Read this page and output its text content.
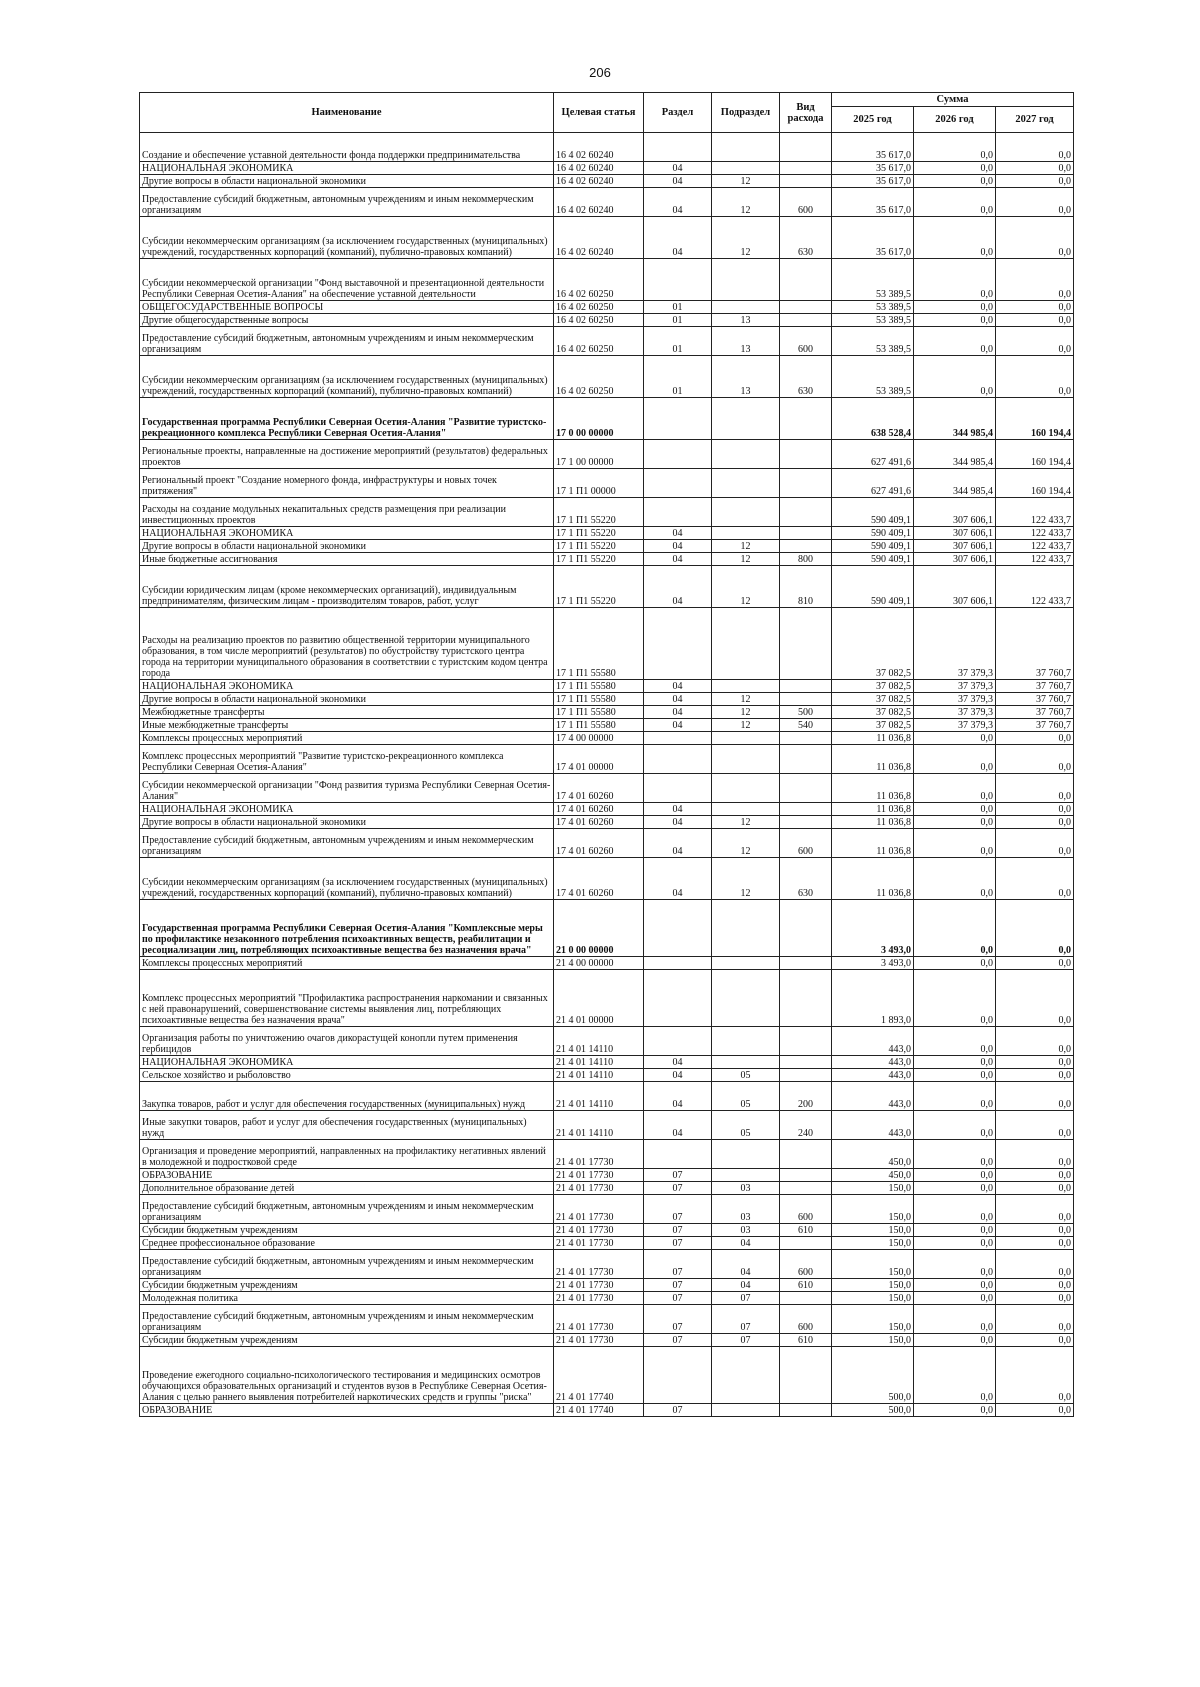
206
Наименование	Целевая статья	Раздел	Подраздел	Вид расхода	Сумма		
					2025 год	2026 год	2027 год
Создание и обеспечение уставной деятельности фонда поддержки предпринимательства	16 4 02 60240				35 617,0	0,0	0,0
НАЦИОНАЛЬНАЯ ЭКОНОМИКА	16 4 02 60240	04			35 617,0	0,0	0,0
Другие вопросы в области национальной экономики	16 4 02 60240	04	12		35 617,0	0,0	0,0
Предоставление субсидий бюджетным, автономным учреждениям и иным некоммерческим организациям	16 4 02 60240	04	12	600	35 617,0	0,0	0,0
Субсидии некоммерческим организациям (за исключением государственных (муниципальных) учреждений, государственных корпораций (компаний), публично-правовых компаний)	16 4 02 60240	04	12	630	35 617,0	0,0	0,0
Субсидии некоммерческой организации "Фонд выставочной и презентационной деятельности Республики Северная Осетия-Алания" на обеспечение уставной деятельности	16 4 02 60250				53 389,5	0,0	0,0
ОБЩЕГОСУДАРСТВЕННЫЕ ВОПРОСЫ	16 4 02 60250	01			53 389,5	0,0	0,0
Другие общегосударственные вопросы	16 4 02 60250	01	13		53 389,5	0,0	0,0
Предоставление субсидий бюджетным, автономным учреждениям и иным некоммерческим организациям	16 4 02 60250	01	13	600	53 389,5	0,0	0,0
Субсидии некоммерческим организациям (за исключением государственных (муниципальных) учреждений, государственных корпораций (компаний), публично-правовых компаний)	16 4 02 60250	01	13	630	53 389,5	0,0	0,0
Государственная программа Республики Северная Осетия-Алания "Развитие туристско-рекреационного комплекса Республики Северная Осетия-Алания"	17 0 00 00000				638 528,4	344 985,4	160 194,4
Региональные проекты, направленные на достижение мероприятий (результатов) федеральных проектов	17 1 00 00000				627 491,6	344 985,4	160 194,4
Региональный проект "Создание номерного фонда, инфраструктуры и новых точек притяжения"	17 1 П1 00000				627 491,6	344 985,4	160 194,4
Расходы на создание модульных некапитальных средств размещения при реализации инвестиционных проектов	17 1 П1 55220				590 409,1	307 606,1	122 433,7
НАЦИОНАЛЬНАЯ ЭКОНОМИКА	17 1 П1 55220	04			590 409,1	307 606,1	122 433,7
Другие вопросы в области национальной экономики	17 1 П1 55220	04	12		590 409,1	307 606,1	122 433,7
Иные бюджетные ассигнования	17 1 П1 55220	04	12	800	590 409,1	307 606,1	122 433,7
Субсидии юридическим лицам (кроме некоммерческих организаций), индивидуальным предпринимателям, физическим лицам - производителям товаров, работ, услуг	17 1 П1 55220	04	12	810	590 409,1	307 606,1	122 433,7
Расходы на реализацию проектов по развитию общественной территории муниципального образования, в том числе мероприятий (результатов) по обустройству туристского центра города на территории муниципального образования в соответствии с туристским кодом центра города	17 1 П1 55580				37 082,5	37 379,3	37 760,7
НАЦИОНАЛЬНАЯ ЭКОНОМИКА	17 1 П1 55580	04			37 082,5	37 379,3	37 760,7
Другие вопросы в области национальной экономики	17 1 П1 55580	04	12		37 082,5	37 379,3	37 760,7
Межбюджетные трансферты	17 1 П1 55580	04	12	500	37 082,5	37 379,3	37 760,7
Иные межбюджетные трансферты	17 1 П1 55580	04	12	540	37 082,5	37 379,3	37 760,7
Комплексы процессных мероприятий	17 4 00 00000				11 036,8	0,0	0,0
Комплекс процессных мероприятий "Развитие туристско-рекреационного комплекса Республики Северная Осетия-Алания"	17 4 01 00000				11 036,8	0,0	0,0
Субсидии некоммерческой организации "Фонд развития туризма Республики Северная Осетия-Алания"	17 4 01 60260				11 036,8	0,0	0,0
НАЦИОНАЛЬНАЯ ЭКОНОМИКА	17 4 01 60260	04			11 036,8	0,0	0,0
Другие вопросы в области национальной экономики	17 4 01 60260	04	12		11 036,8	0,0	0,0
Предоставление субсидий бюджетным, автономным учреждениям и иным некоммерческим организациям	17 4 01 60260	04	12	600	11 036,8	0,0	0,0
Субсидии некоммерческим организациям (за исключением государственных (муниципальных) учреждений, государственных корпораций (компаний), публично-правовых компаний)	17 4 01 60260	04	12	630	11 036,8	0,0	0,0
Государственная программа Республики Северная Осетия-Алания "Комплексные меры по профилактике незаконного потребления психоактивных веществ, реабилитации и ресоциализации лиц, потребляющих психоактивные вещества без назначения врача"	21 0 00 00000				3 493,0	0,0	0,0
Комплексы процессных мероприятий	21 4 00 00000				3 493,0	0,0	0,0
Комплекс процессных мероприятий "Профилактика распространения наркомании и связанных с ней правонарушений, совершенствование системы выявления лиц, потребляющих психоактивные вещества без назначения врача"	21 4 01 00000				1 893,0	0,0	0,0
Организация работы по уничтожению очагов дикорастущей конопли путем применения гербицидов	21 4 01 14110				443,0	0,0	0,0
НАЦИОНАЛЬНАЯ ЭКОНОМИКА	21 4 01 14110	04			443,0	0,0	0,0
Сельское хозяйство и рыболовство	21 4 01 14110	04	05		443,0	0,0	0,0
Закупка товаров, работ и услуг для обеспечения государственных (муниципальных) нужд	21 4 01 14110	04	05	200	443,0	0,0	0,0
Иные закупки товаров, работ и услуг для обеспечения государственных (муниципальных) нужд	21 4 01 14110	04	05	240	443,0	0,0	0,0
Организация и проведение мероприятий, направленных на профилактику негативных явлений в молодежной и подростковой среде	21 4 01 17730				450,0	0,0	0,0
ОБРАЗОВАНИЕ	21 4 01 17730	07			450,0	0,0	0,0
Дополнительное образование детей	21 4 01 17730	07	03		150,0	0,0	0,0
Предоставление субсидий бюджетным, автономным учреждениям и иным некоммерческим организациям	21 4 01 17730	07	03	600	150,0	0,0	0,0
Субсидии бюджетным учреждениям	21 4 01 17730	07	03	610	150,0	0,0	0,0
Среднее профессиональное образование	21 4 01 17730	07	04		150,0	0,0	0,0
Предоставление субсидий бюджетным, автономным учреждениям и иным некоммерческим организациям	21 4 01 17730	07	04	600	150,0	0,0	0,0
Субсидии бюджетным учреждениям	21 4 01 17730	07	04	610	150,0	0,0	0,0
Молодежная политика	21 4 01 17730	07	07		150,0	0,0	0,0
Предоставление субсидий бюджетным, автономным учреждениям и иным некоммерческим организациям	21 4 01 17730	07	07	600	150,0	0,0	0,0
Субсидии бюджетным учреждениям	21 4 01 17730	07	07	610	150,0	0,0	0,0
Проведение ежегодного социально-психологического тестирования и медицинских осмотров обучающихся образовательных организаций и студентов вузов в Республике Северная Осетия-Алания с целью раннего выявления потребителей наркотических средств и группы "риска"	21 4 01 17740				500,0	0,0	0,0
ОБРАЗОВАНИЕ	21 4 01 17740	07			500,0	0,0	0,0
